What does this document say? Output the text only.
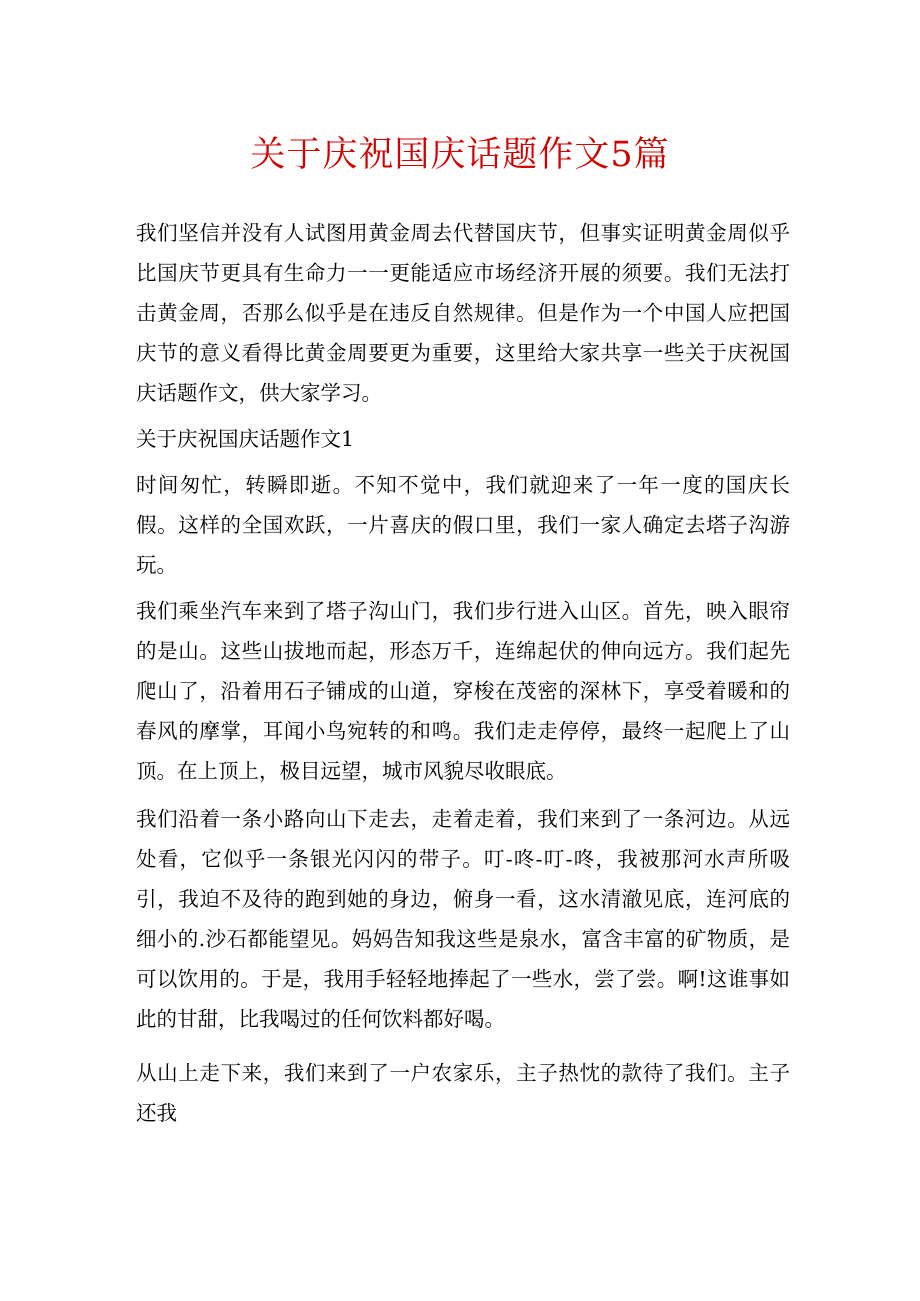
关于庆祝国庆话题作文5篇

我们坚信并没有人试图用黄金周去代替国庆节，但事实证明黄金周似乎比国庆节更具有生命力一一更能适应市场经济开展的须要。我们无法打击黄金周，否那么似乎是在违反自然规律。但是作为一个中国人应把国庆节的意义看得比黄金周要更为重要，这里给大家共享一些关于庆祝国庆话题作文，供大家学习。

关于庆祝国庆话题作文1

时间匆忙，转瞬即逝。不知不觉中，我们就迎来了一年一度的国庆长假。这样的全国欢跃，一片喜庆的假口里，我们一家人确定去塔子沟游玩。

我们乘坐汽车来到了塔子沟山门，我们步行进入山区。首先，映入眼帘的是山。这些山拔地而起，形态万千，连绵起伏的伸向远方。我们起先爬山了，沿着用石子铺成的山道，穿梭在茂密的深林下，享受着暖和的春风的摩掌，耳闻小鸟宛转的和鸣。我们走走停停，最终一起爬上了山顶。在上顶上，极目远望，城市风貌尽收眼底。

我们沿着一条小路向山下走去，走着走着，我们来到了一条河边。从远处看，它似乎一条银光闪闪的带子。叮-咚-叮-咚，我被那河水声所吸引，我迫不及待的跑到她的身边，俯身一看，这水清澈见底，连河底的细小的.沙石都能望见。妈妈告知我这些是泉水，富含丰富的矿物质，是可以饮用的。于是，我用手轻轻地捧起了一些水，尝了尝。啊!这谁事如此的甘甜，比我喝过的任何饮料都好喝。

从山上走下来，我们来到了一户农家乐，主子热忱的款待了我们。主子还我
